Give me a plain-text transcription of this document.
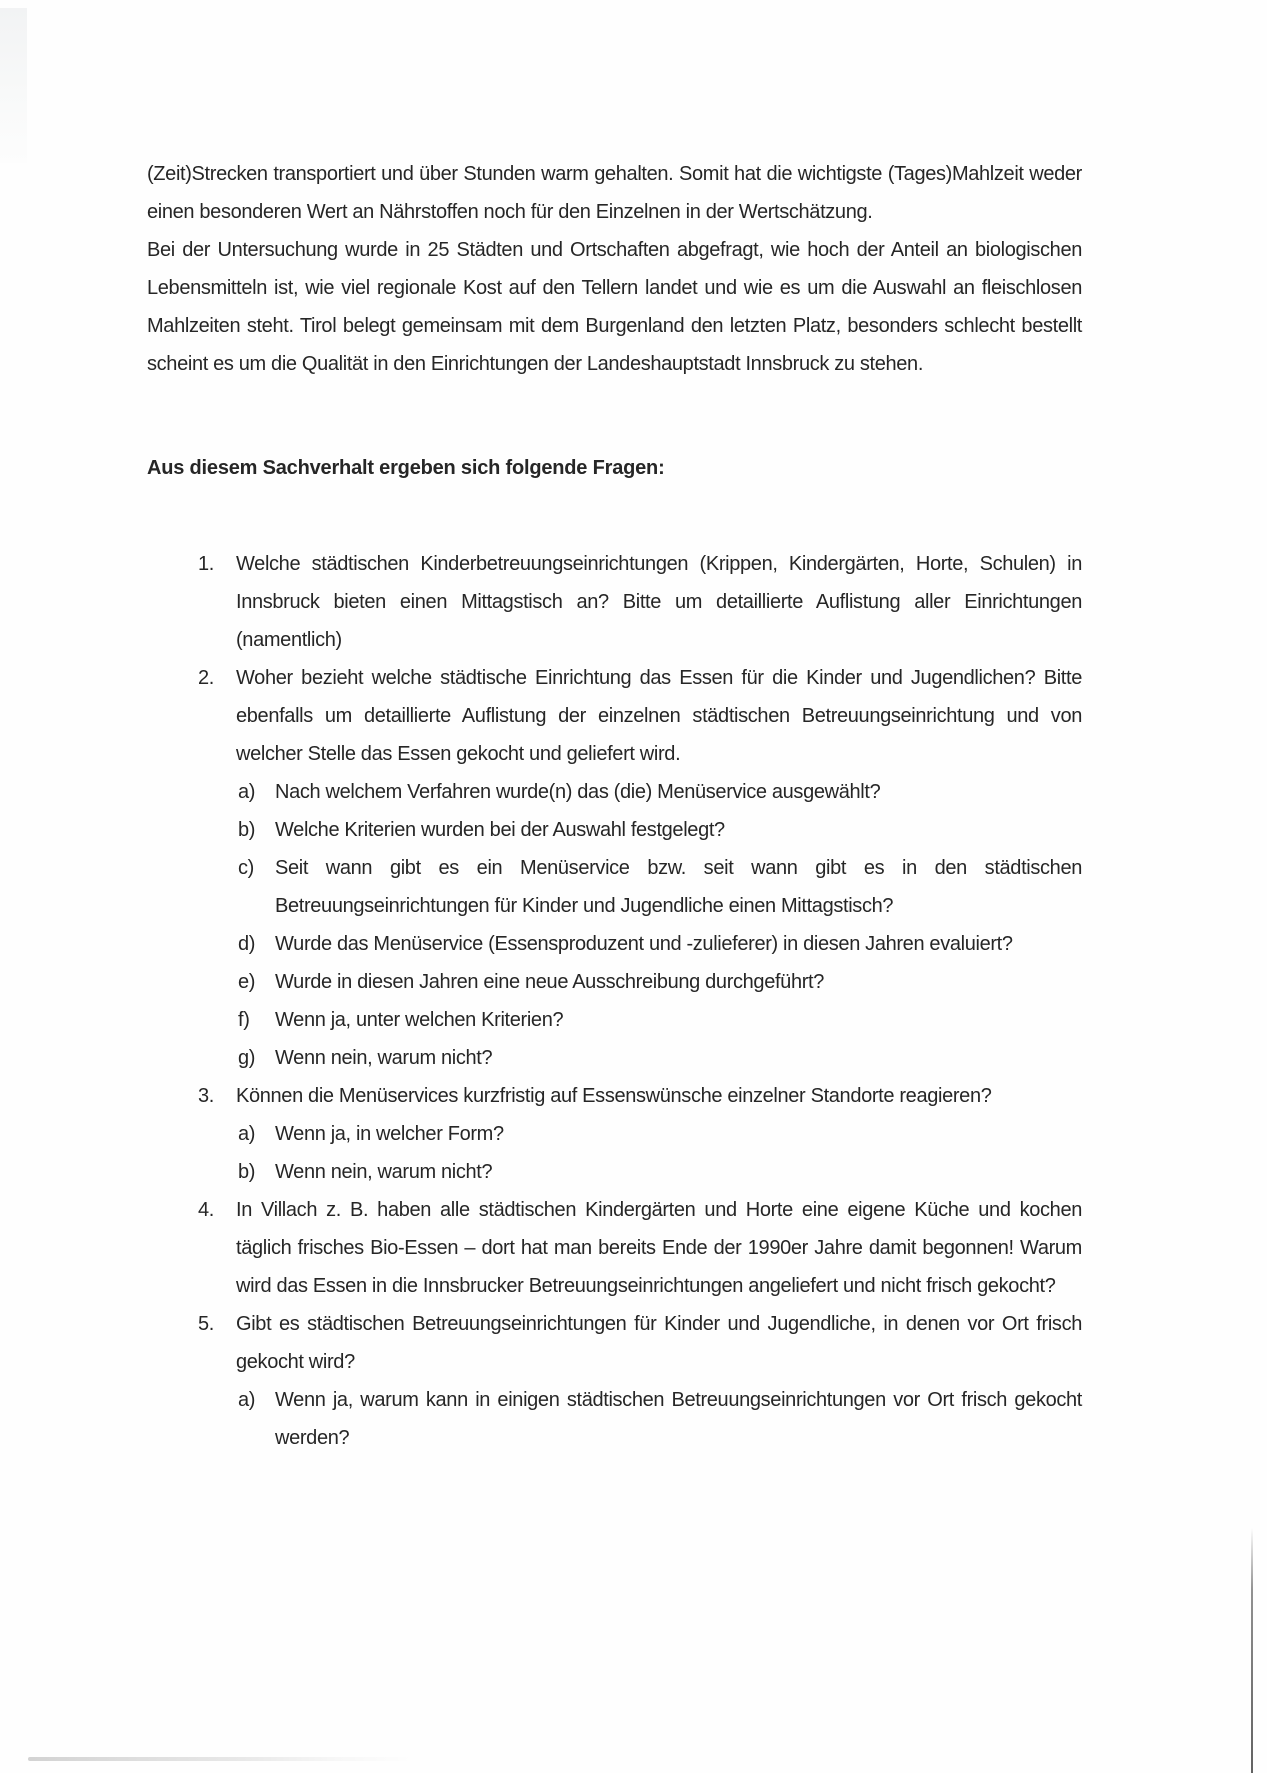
(Zeit)Strecken transportiert und über Stunden warm gehalten. Somit hat die wichtigste (Tages)Mahlzeit weder einen besonderen Wert an Nährstoffen noch für den Einzelnen in der Wertschätzung.

Bei der Untersuchung wurde in 25 Städten und Ortschaften abgefragt, wie hoch der Anteil an biologischen Lebensmitteln ist, wie viel regionale Kost auf den Tellern landet und wie es um die Auswahl an fleischlosen Mahlzeiten steht. Tirol belegt gemeinsam mit dem Burgenland den letzten Platz, besonders schlecht bestellt scheint es um die Qualität in den Einrichtungen der Landeshauptstadt Innsbruck zu stehen.

Aus diesem Sachverhalt ergeben sich folgende Fragen:

1.	Welche städtischen Kinderbetreuungseinrichtungen (Krippen, Kindergärten, Horte, Schulen) in Innsbruck bieten einen Mittagstisch an? Bitte um detaillierte Auflistung aller Einrichtungen (namentlich)
2.	Woher bezieht welche städtische Einrichtung das Essen für die Kinder und Jugendlichen? Bitte ebenfalls um detaillierte Auflistung der einzelnen städtischen Betreuungseinrichtung und von welcher Stelle das Essen gekocht und geliefert wird.
a) Nach welchem Verfahren wurde(n) das (die) Menüservice ausgewählt?
b) Welche Kriterien wurden bei der Auswahl festgelegt?
c)	Seit wann gibt es ein Menüservice bzw. seit wann gibt es in den städtischen Betreuungseinrichtungen für Kinder und Jugendliche einen Mittagstisch?
d) Wurde das Menüservice (Essensproduzent und -zulieferer) in diesen Jahren evaluiert?
e) Wurde in diesen Jahren eine neue Ausschreibung durchgeführt?
f)	Wenn ja, unter welchen Kriterien?
g) Wenn nein, warum nicht?
3.	Können die Menüservices kurzfristig auf Essenswünsche einzelner Standorte reagieren?
a) Wenn ja, in welcher Form?
b) Wenn nein, warum nicht?
4.	In Villach z. B. haben alle städtischen Kindergärten und Horte eine eigene Küche und kochen täglich frisches Bio-Essen – dort hat man bereits Ende der 1990er Jahre damit begonnen! Warum wird das Essen in die Innsbrucker Betreuungseinrichtungen angeliefert und nicht frisch gekocht?
5.	Gibt es städtischen Betreuungseinrichtungen für Kinder und Jugendliche, in denen vor Ort frisch gekocht wird?
a) Wenn ja, warum kann in einigen städtischen Betreuungseinrichtungen vor Ort frisch gekocht werden?
